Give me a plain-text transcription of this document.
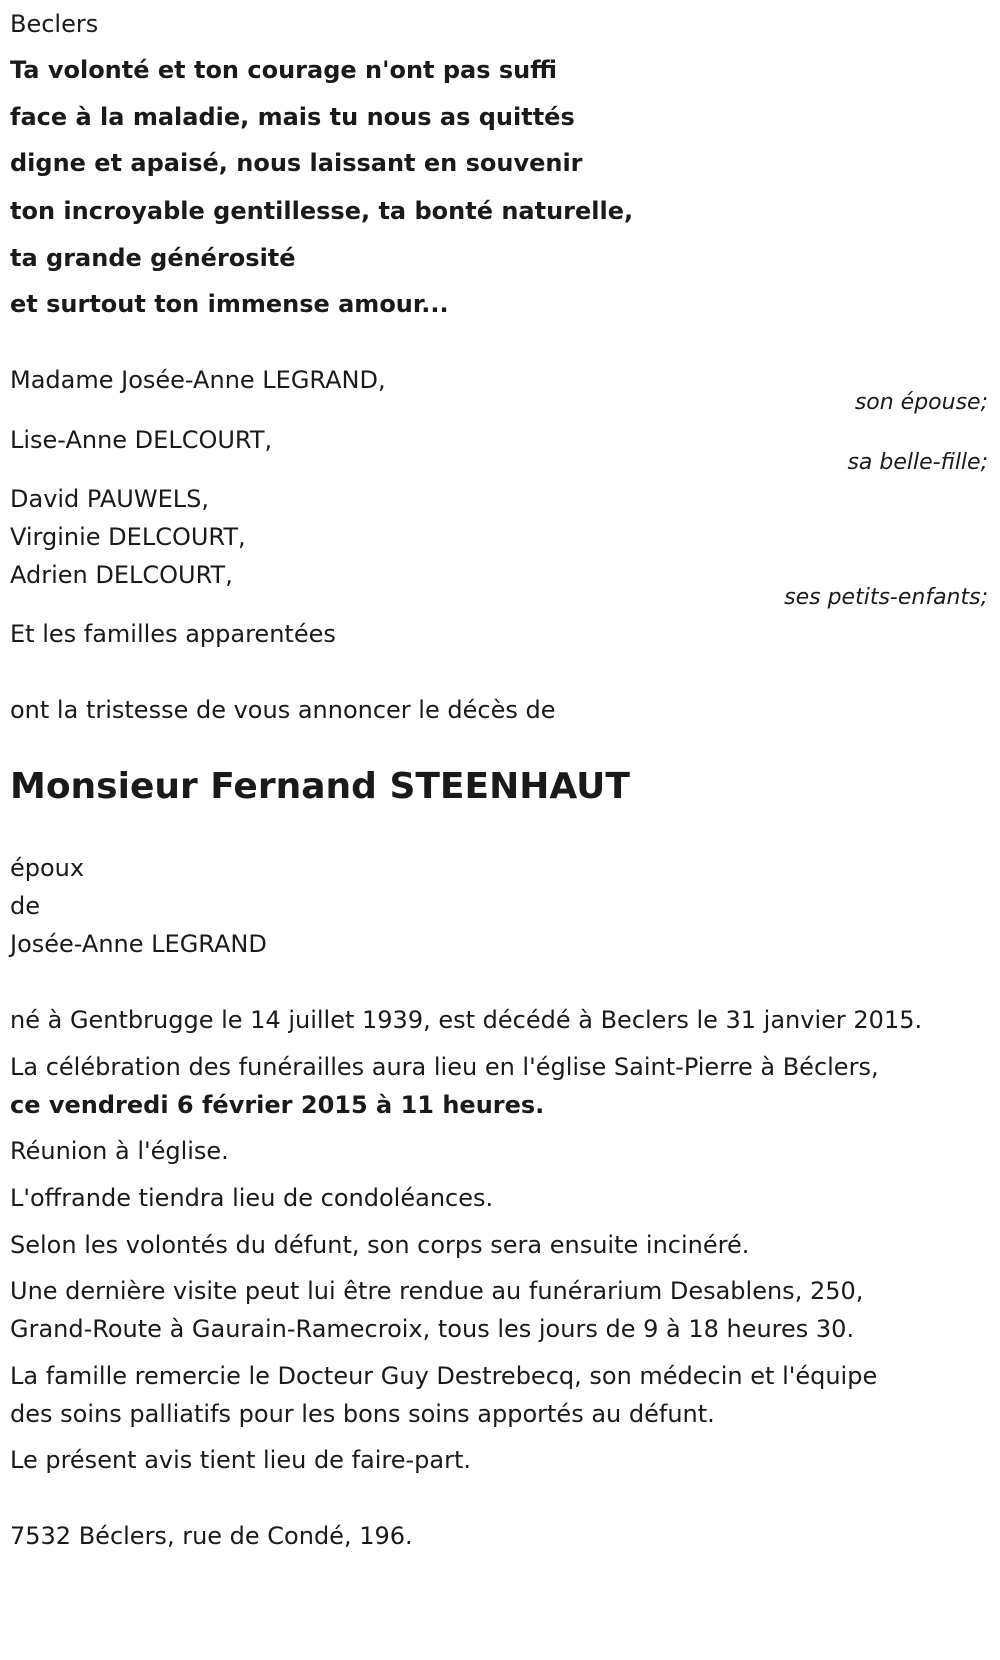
Beclers
Ta volonté et ton courage n'ont pas suffi
face à la maladie, mais tu nous as quittés
digne et apaisé, nous laissant en souvenir
ton incroyable gentillesse, ta bonté naturelle,
ta grande générosité
et surtout ton immense amour...
Madame Josée-Anne LEGRAND,
son épouse;
Lise-Anne DELCOURT,
sa belle-fille;
David PAUWELS,
Virginie DELCOURT,
Adrien DELCOURT,
ses petits-enfants;
Et les familles apparentées
ont la tristesse de vous annoncer le décès de
Monsieur Fernand STEENHAUT
époux
de
Josée-Anne LEGRAND
né à Gentbrugge le 14 juillet 1939, est décédé à Beclers le 31 janvier 2015.
La célébration des funérailles aura lieu en l'église Saint-Pierre à Béclers,
ce vendredi 6 février 2015 à 11 heures.
Réunion à l'église.
L'offrande tiendra lieu de condoléances.
Selon les volontés du défunt, son corps sera ensuite incinéré.
Une dernière visite peut lui être rendue au funérarium Desablens, 250,
Grand-Route à Gaurain-Ramecroix, tous les jours de 9 à 18 heures 30.
La famille remercie le Docteur Guy Destrebecq, son médecin et l'équipe
des soins palliatifs pour les bons soins apportés au défunt.
Le présent avis tient lieu de faire-part.
7532 Béclers, rue de Condé, 196.
